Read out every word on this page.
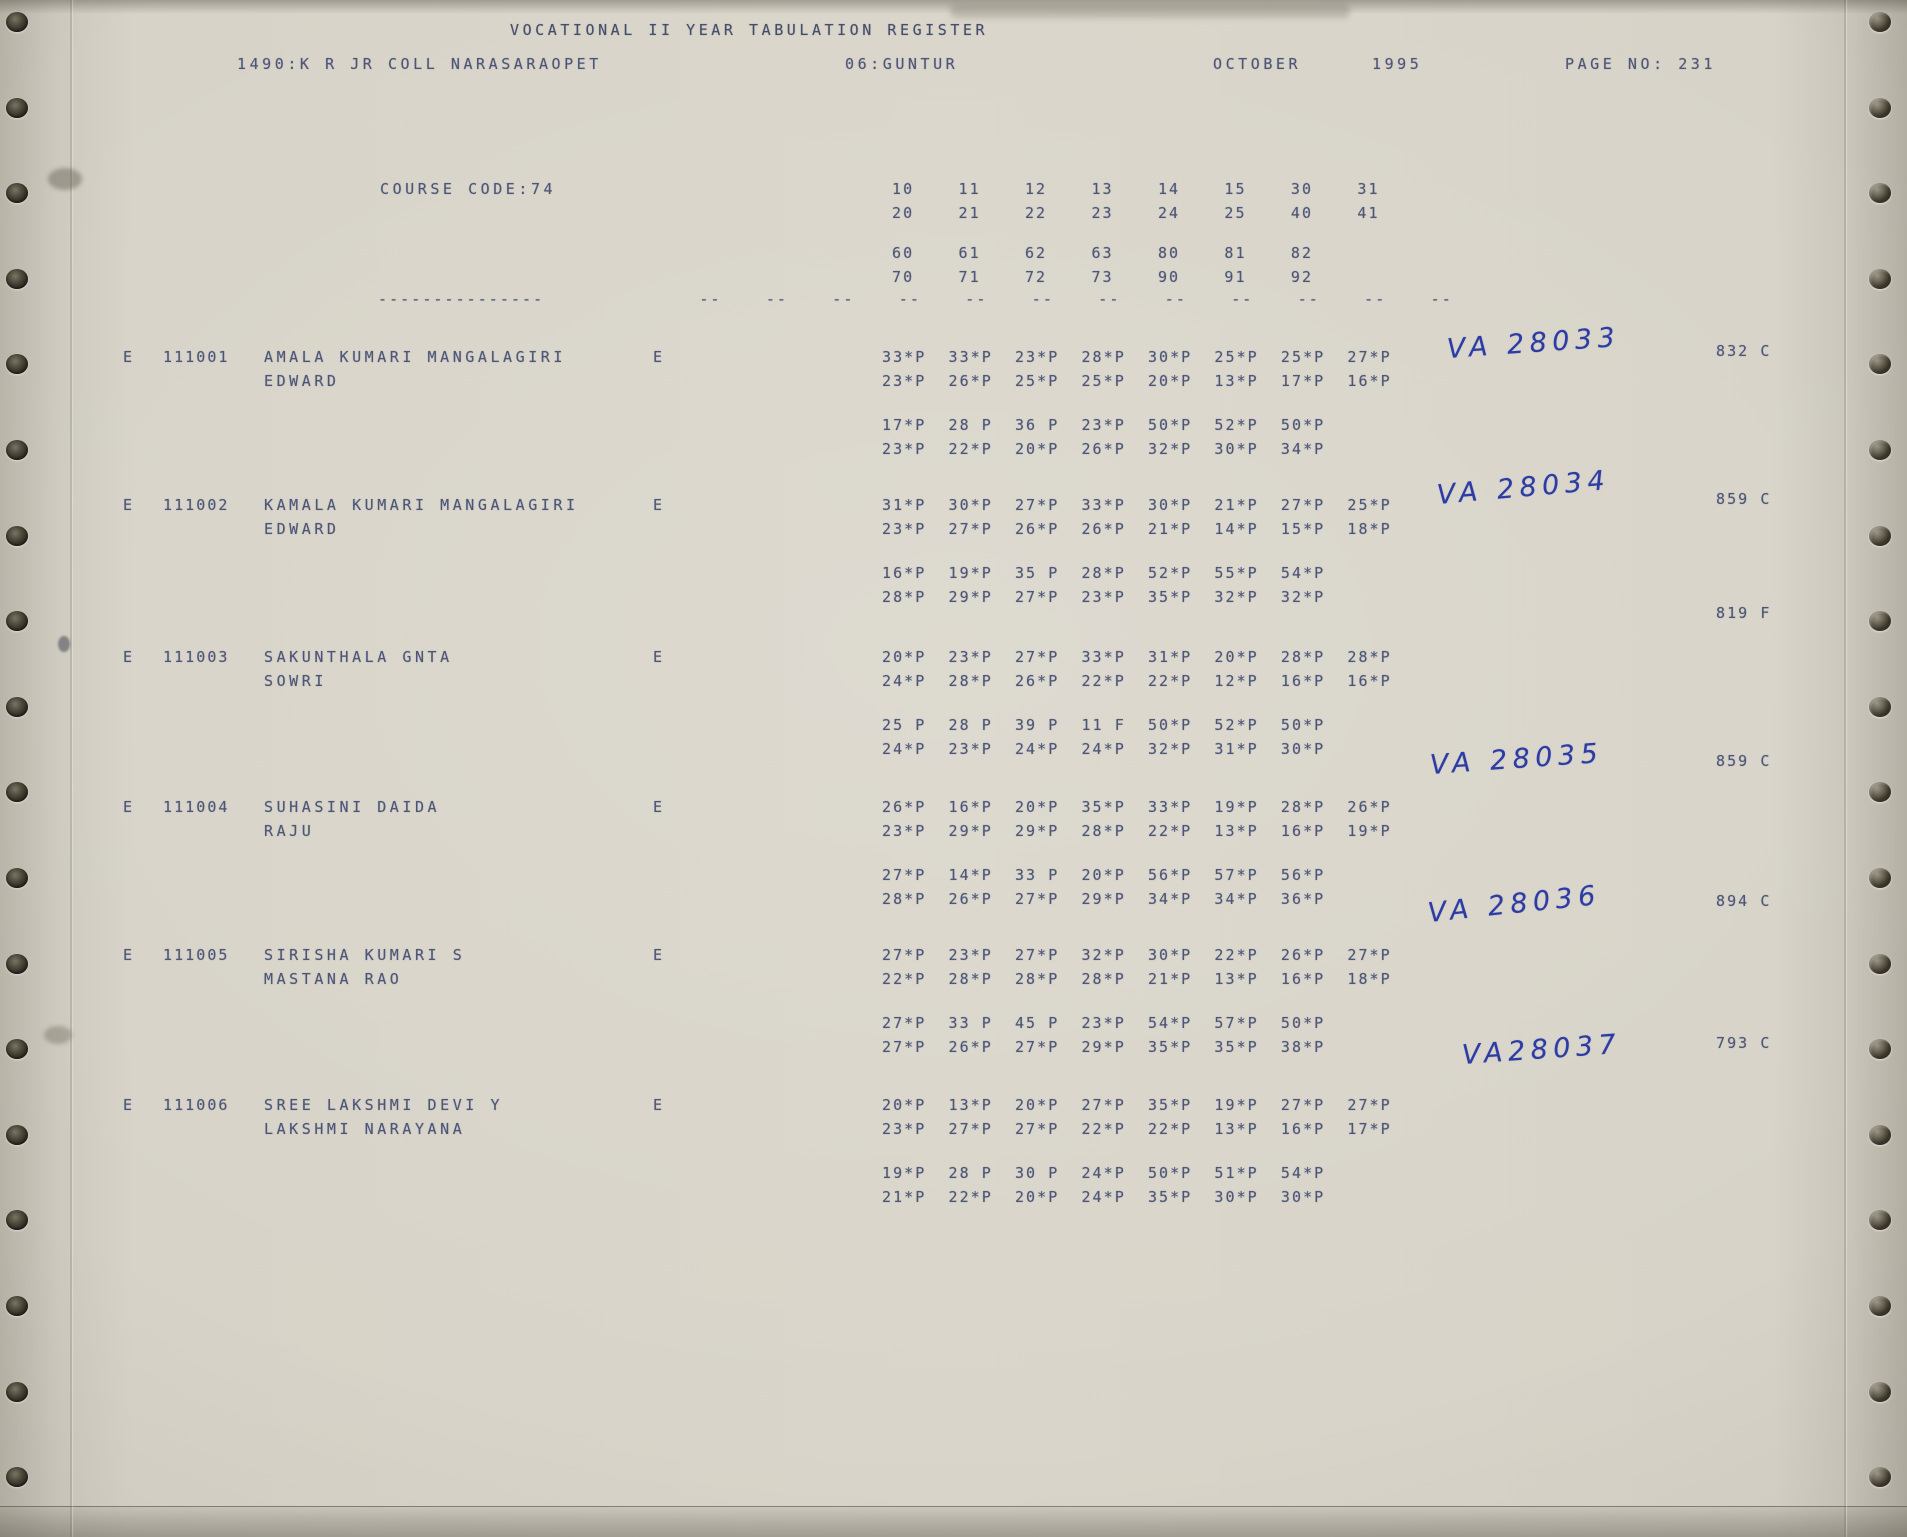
VOCATIONAL II YEAR TABULATION REGISTER
1490:K R JR COLL NARASARAOPET	06:GUNTUR	OCTOBER	1995	PAGE NO: 231
COURSE CODE:74	10    11    12    13    14    15    30    31
20    21    22    23    24    25    40    41
60    61    62    63    80    81    82
70    71    72    73    90    91    92
---------------              --    --    --    --    --    --    --    --    --    --    --    --
E 111001 AMALA KUMARI MANGALAGIRI
EDWARD
E	33*P  33*P  23*P  28*P  30*P  25*P  25*P  27*P
23*P  26*P  25*P  25*P  20*P  13*P  17*P  16*P
17*P  28 P  36 P  23*P  50*P  52*P  50*P
23*P  22*P  20*P  26*P  32*P  30*P  34*P
VA 28033	832 C
E 111002 KAMALA KUMARI MANGALAGIRI
EDWARD
E	31*P  30*P  27*P  33*P  30*P  21*P  27*P  25*P
23*P  27*P  26*P  26*P  21*P  14*P  15*P  18*P
16*P  19*P  35 P  28*P  52*P  55*P  54*P
28*P  29*P  27*P  23*P  35*P  32*P  32*P
VA 28034	859 C
E 111003 SAKUNTHALA GNTA
SOWRI
E	20*P  23*P  27*P  33*P  31*P  20*P  28*P  28*P
24*P  28*P  26*P  22*P  22*P  12*P  16*P  16*P
25 P  28 P  39 P  11 F  50*P  52*P  50*P
24*P  23*P  24*P  24*P  32*P  31*P  30*P
819 F
E 111004 SUHASINI DAIDA
RAJU
E	26*P  16*P  20*P  35*P  33*P  19*P  28*P  26*P
23*P  29*P  29*P  28*P  22*P  13*P  16*P  19*P
27*P  14*P  33 P  20*P  56*P  57*P  56*P
28*P  26*P  27*P  29*P  34*P  34*P  36*P
VA 28035	859 C
E 111005 SIRISHA KUMARI S
MASTANA RAO
E	27*P  23*P  27*P  32*P  30*P  22*P  26*P  27*P
22*P  28*P  28*P  28*P  21*P  13*P  16*P  18*P
27*P  33 P  45 P  23*P  54*P  57*P  50*P
27*P  26*P  27*P  29*P  35*P  35*P  38*P
VA 28036	894 C
E 111006 SREE LAKSHMI DEVI Y
LAKSHMI NARAYANA
E	20*P  13*P  20*P  27*P  35*P  19*P  27*P  27*P
23*P  27*P  27*P  22*P  22*P  13*P  16*P  17*P
19*P  28 P  30 P  24*P  50*P  51*P  54*P
21*P  22*P  20*P  24*P  35*P  30*P  30*P
VA28037	793 C
